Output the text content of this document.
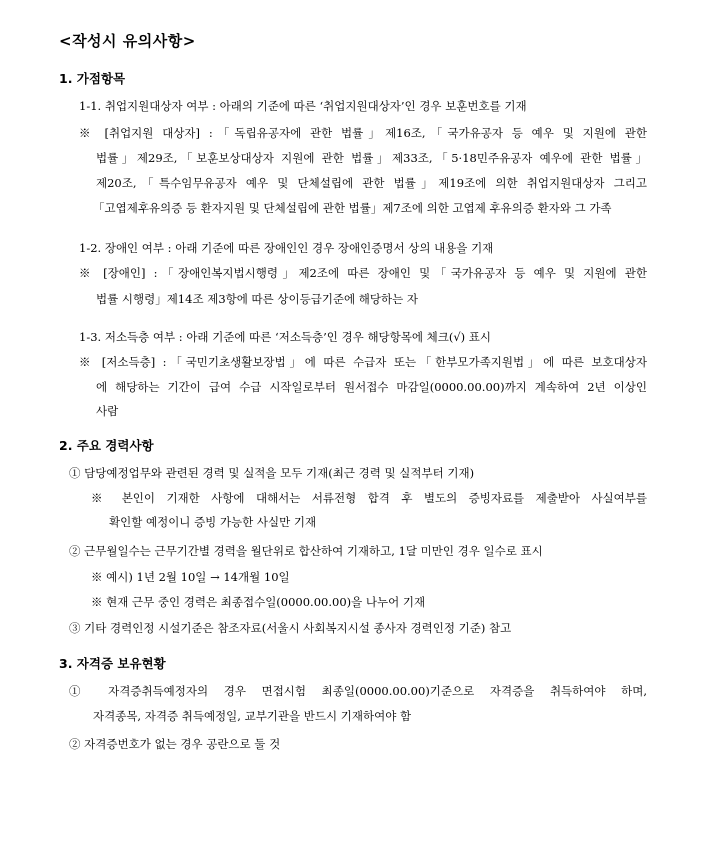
<작성시 유의사항>
1. 가점항목
1-1. 취업지원대상자 여부 : 아래의 기준에 따른 ‘취업지원대상자’인 경우 보훈번호를 기재
※ [취업지원 대상자] :「독립유공자에 관한 법률」제16조,「국가유공자 등 예우 및 지원에 관한
법률」제29조,「보훈보상대상자 지원에 관한 법률」제33조,「5·18민주유공자 예우에 관한 법률」
제20조,「특수임무유공자 예우 및 단체설립에 관한 법률」제19조에 의한 취업지원대상자 그리고
「고엽제후유의증 등 환자지원 및 단체설립에 관한 법률」제7조에 의한 고엽제 후유의증 환자와 그 가족
1-2. 장애인 여부 : 아래 기준에 따른 장애인인 경우 장애인증명서 상의 내용을 기재
※ [장애인] :「장애인복지법시행령」제2조에 따른 장애인 및「국가유공자 등 예우 및 지원에 관한
법률 시행령」제14조 제3항에 따른 상이등급기준에 해당하는 자
1-3. 저소득층 여부 : 아래 기준에 따른 ‘저소득층’인 경우 해당항목에 체크(√) 표시
※ [저소득층] :「국민기초생활보장법」에 따른 수급자 또는「한부모가족지원법」에 따른 보호대상자
에 해당하는 기간이 급여 수급 시작일로부터 원서접수 마감일(0000.00.00)까지 계속하여 2년 이상인
사람
2. 주요 경력사항
① 담당예정업무와 관련된 경력 및 실적을 모두 기재(최근 경력 및 실적부터 기재)
※ 본인이 기재한 사항에 대해서는 서류전형 합격 후 별도의 증빙자료를 제출받아 사실여부를
확인할 예정이니 증빙 가능한 사실만 기재
② 근무월일수는 근무기간별 경력을 월단위로 합산하여 기재하고, 1달 미만인 경우 일수로 표시
※ 예시) 1년 2월 10일 → 14개월 10일
※ 현재 근무 중인 경력은 최종접수일(0000.00.00)을 나누어 기재
③ 기타 경력인정 시설기준은 참조자료(서울시 사회복지시설 종사자 경력인정 기준) 참고
3. 자격증 보유현황
① 자격증취득예정자의 경우 면접시험 최종일(0000.00.00)기준으로 자격증을 취득하여야 하며,
자격종목, 자격증 취득예정일, 교부기관을 반드시 기재하여야 함
② 자격증번호가 없는 경우 공란으로 둘 것
